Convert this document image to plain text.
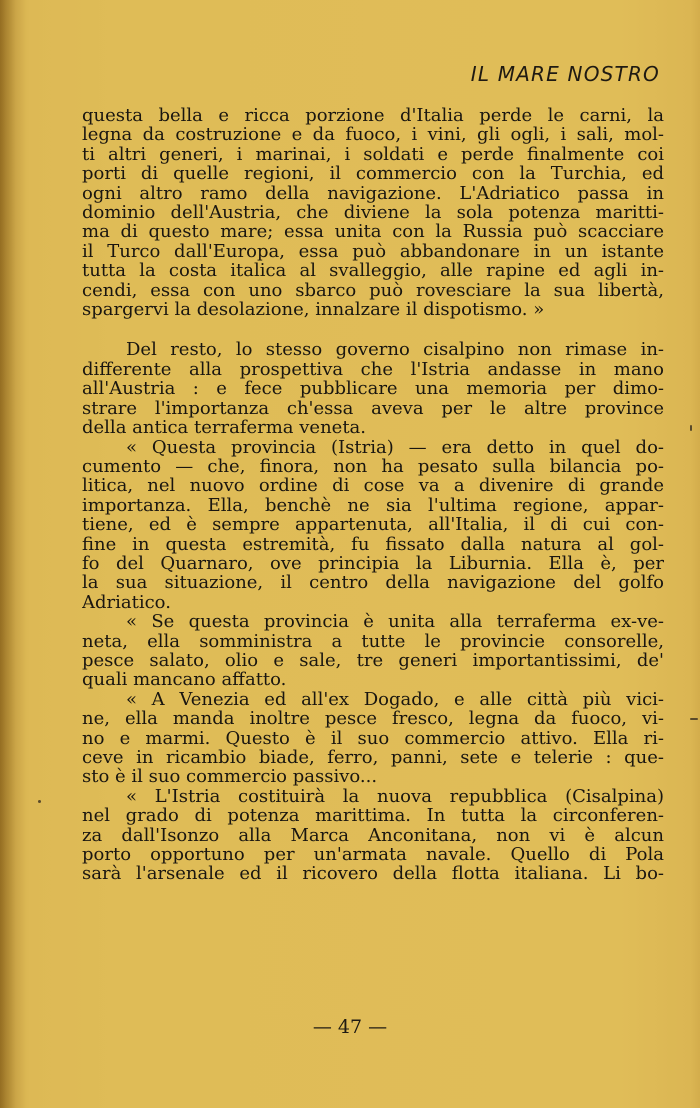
IL MARE NOSTRO
questa bella e ricca porzione d'Italia perde le carni, la
legna da costruzione e da fuoco, i vini, gli ogli, i sali, mol-
ti altri generi, i marinai, i soldati e perde finalmente coi
porti di quelle regioni, il commercio con la Turchia, ed
ogni altro ramo della navigazione. L'Adriatico passa in
dominio dell'Austria, che diviene la sola potenza maritti-
ma di questo mare; essa unita con la Russia può scacciare
il Turco dall'Europa, essa può abbandonare in un istante
tutta la costa italica al svalleggio, alle rapine ed agli in-
cendi, essa con uno sbarco può rovesciare la sua libertà,
spargervi la desolazione, innalzare il dispotismo. »
Del resto, lo stesso governo cisalpino non rimase in-
differente alla prospettiva che l'Istria andasse in mano
all'Austria : e fece pubblicare una memoria per dimo-
strare l'importanza ch'essa aveva per le altre province
della antica terraferma veneta.
« Questa provincia (Istria) — era detto in quel do-
cumento — che, finora, non ha pesato sulla bilancia po-
litica, nel nuovo ordine di cose va a divenire di grande
importanza. Ella, benchè ne sia l'ultima regione, appar-
tiene, ed è sempre appartenuta, all'Italia, il di cui con-
fine in questa estremità, fu fissato dalla natura al gol-
fo del Quarnaro, ove principia la Liburnia. Ella è, per
la sua situazione, il centro della navigazione del golfo
Adriatico.
« Se questa provincia è unita alla terraferma ex-ve-
neta, ella somministra a tutte le provincie consorelle,
pesce salato, olio e sale, tre generi importantissimi, de'
quali mancano affatto.
« A Venezia ed all'ex Dogado, e alle città più vici-
ne, ella manda inoltre pesce fresco, legna da fuoco, vi-
no e marmi. Questo è il suo commercio attivo. Ella ri-
ceve in ricambio biade, ferro, panni, sete e telerie : que-
sto è il suo commercio passivo...
« L'Istria costituirà la nuova repubblica (Cisalpina)
nel grado di potenza marittima. In tutta la circonferen-
za dall'Isonzo alla Marca Anconitana, non vi è alcun
porto opportuno per un'armata navale. Quello di Pola
sarà l'arsenale ed il ricovero della flotta italiana. Li bo-
— 47 —
